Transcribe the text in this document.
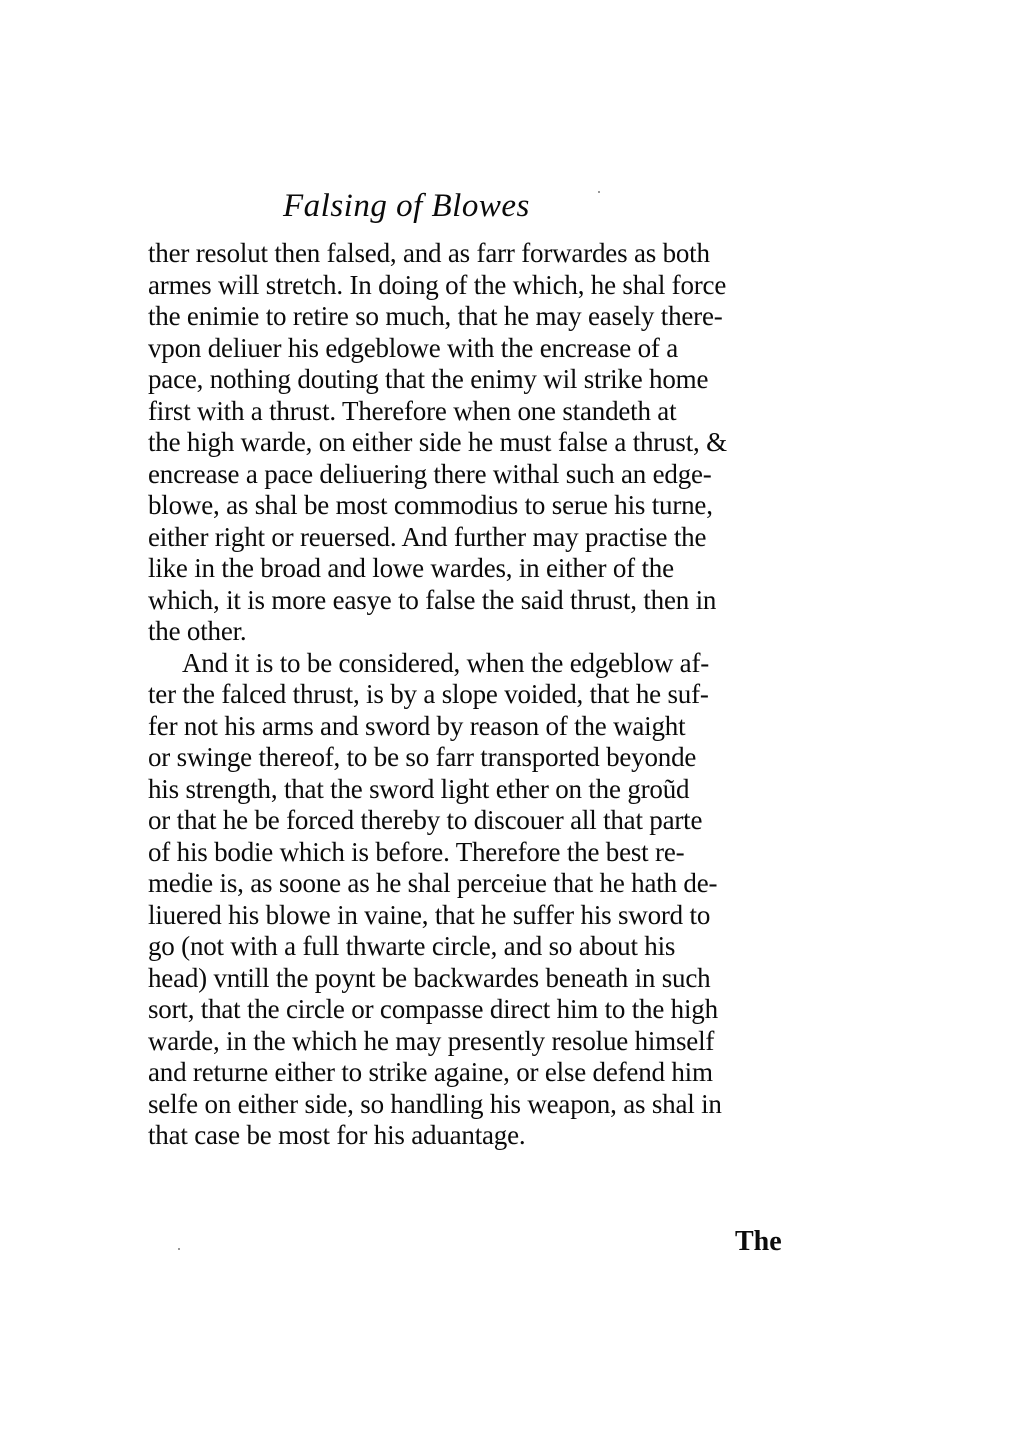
Falsing of Blowes
ther resolut then falsed, and as farr forwardes as both
armes will stretch. In doing of the which, he shal force
the enimie to retire so much, that he may easely there-
vpon deliuer his edgeblowe with the encrease of a
pace, nothing douting that the enimy wil strike home
first with a thrust. Therefore when one standeth at
the high warde, on either side he must false a thrust, &
encrease a pace deliuering there withal such an edge-
blowe, as shal be most commodius to serue his turne,
either right or reuersed. And further may practise the
like in the broad and lowe wardes, in either of the
which, it is more easye to false the said thrust, then in
the other.
And it is to be considered, when the edgeblow af-
ter the falced thrust, is by a slope voided, that he suf-
fer not his arms and sword by reason of the waight
or swinge thereof, to be so farr transported beyonde
his strength, that the sword light ether on the groũd
or that he be forced thereby to discouer all that parte
of his bodie which is before. Therefore the best re-
medie is, as soone as he shal perceiue that he hath de-
liuered his blowe in vaine, that he suffer his sword to
go (not with a full thwarte circle, and so about his
head) vntill the poynt be backwardes beneath in such
sort, that the circle or compasse direct him to the high
warde, in the which he may presently resolue himself
and returne either to strike againe, or else defend him
selfe on either side, so handling his weapon, as shal in
that case be most for his aduantage.
The
